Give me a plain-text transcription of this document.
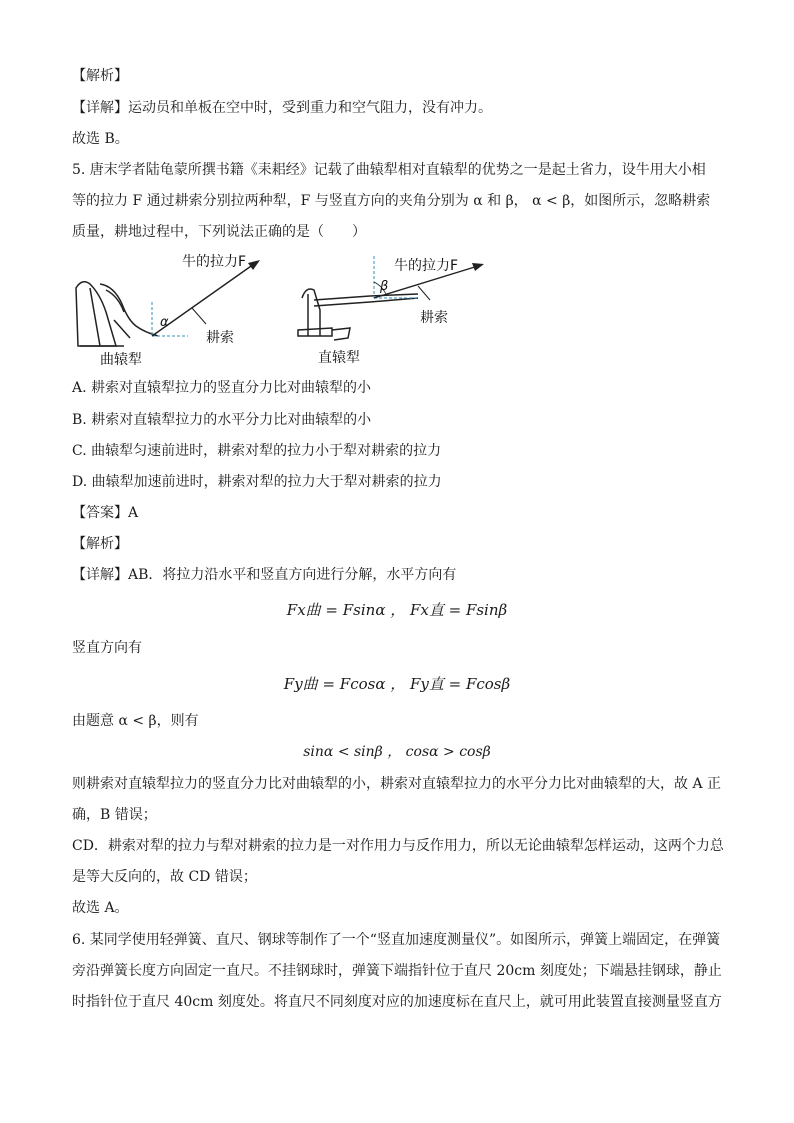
【解析】
【详解】运动员和单板在空中时，受到重力和空气阻力，没有冲力。
故选 B。
5. 唐末学者陆龟蒙所撰书籍《耒耜经》记载了曲辕犁相对直辕犁的优势之一是起土省力，设牛用大小相
等的拉力 F 通过耕索分别拉两种犁，F 与竖直方向的夹角分别为 α 和 β， α < β，如图所示，忽略耕索
质量，耕地过程中，下列说法正确的是（　　）
牛的拉力F
α
耕索
曲辕犁
牛的拉力F
β
耕索
直辕犁
A. 耕索对直辕犁拉力的竖直分力比对曲辕犁的小
B. 耕索对直辕犁拉力的水平分力比对曲辕犁的小
C. 曲辕犁匀速前进时，耕索对犁的拉力小于犁对耕索的拉力
D. 曲辕犁加速前进时，耕索对犁的拉力大于犁对耕索的拉力
【答案】A
【解析】
【详解】AB．将拉力沿水平和竖直方向进行分解，水平方向有
Fx曲 = Fsinα ， Fx直 = Fsinβ
竖直方向有
Fy曲 = Fcosα ， Fy直 = Fcosβ
由题意 α < β，则有
sinα < sinβ ， cosα > cosβ
则耕索对直辕犁拉力的竖直分力比对曲辕犁的小，耕索对直辕犁拉力的水平分力比对曲辕犁的大，故 A 正
确，B 错误；
CD．耕索对犁的拉力与犁对耕索的拉力是一对作用力与反作用力，所以无论曲辕犁怎样运动，这两个力总
是等大反向的，故 CD 错误；
故选 A。
6. 某同学使用轻弹簧、直尺、钢球等制作了一个“竖直加速度测量仪”。如图所示，弹簧上端固定，在弹簧
旁沿弹簧长度方向固定一直尺。不挂钢球时，弹簧下端指针位于直尺 20cm 刻度处；下端悬挂钢球，静止
时指针位于直尺 40cm 刻度处。将直尺不同刻度对应的加速度标在直尺上，就可用此装置直接测量竖直方
